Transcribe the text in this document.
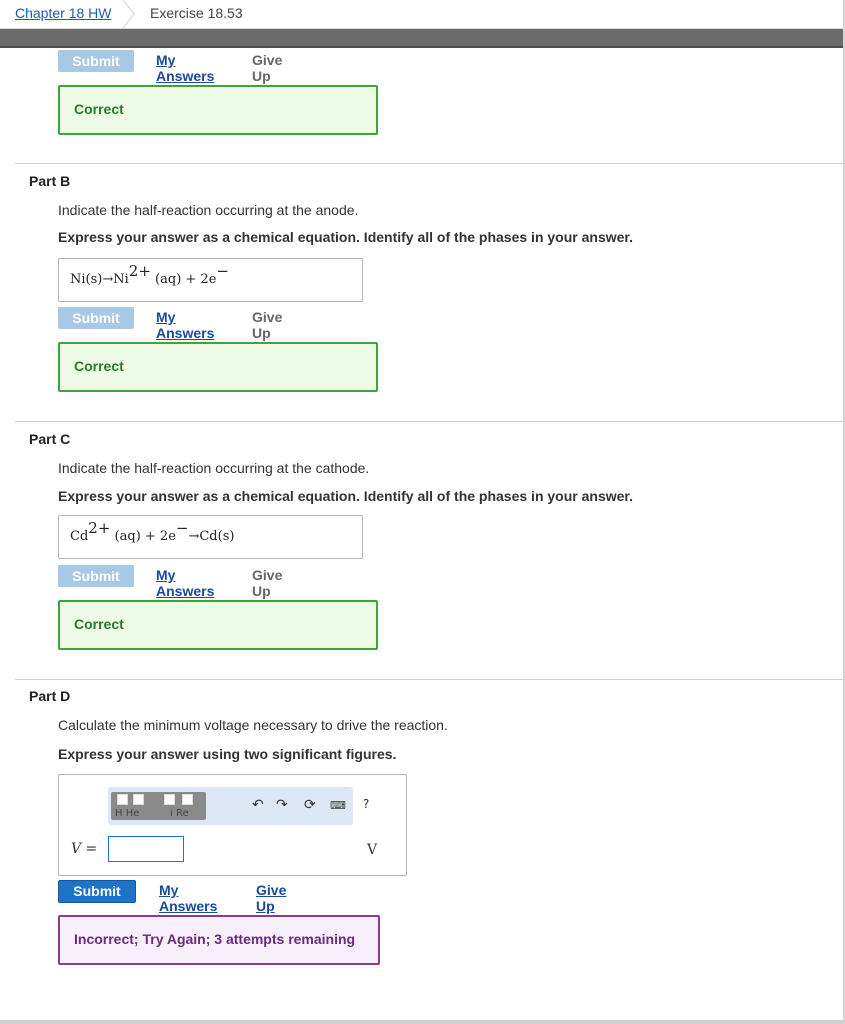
Chapter 18 HW	Exercise 18.53
Submit	My Answers
Give Up
Correct
Part B
Indicate the half-reaction occurring at the anode.
Express your answer as a chemical equation. Identify all of the phases in your answer.
$Ni(s)\to Ni^{2+}$ (aq) + 2e−
Submit	My Answers
Give Up
Correct
Part C
Indicate the half-reaction occurring at the cathode.
Express your answer as a chemical equation. Identify all of the phases in your answer.
$Cd^{2+}$ (aq) + 2e−→Cd(s)
Submit	My Answers
Give Up
Correct
Part D
Calculate the minimum voltage necessary to drive the reaction.
Express your answer using two significant figures.
H He	i Re
↶ ↷ ⟳ ⌨ ?
V =	V
Submit	My Answers
Give Up
Incorrect; Try Again; 3 attempts remaining
